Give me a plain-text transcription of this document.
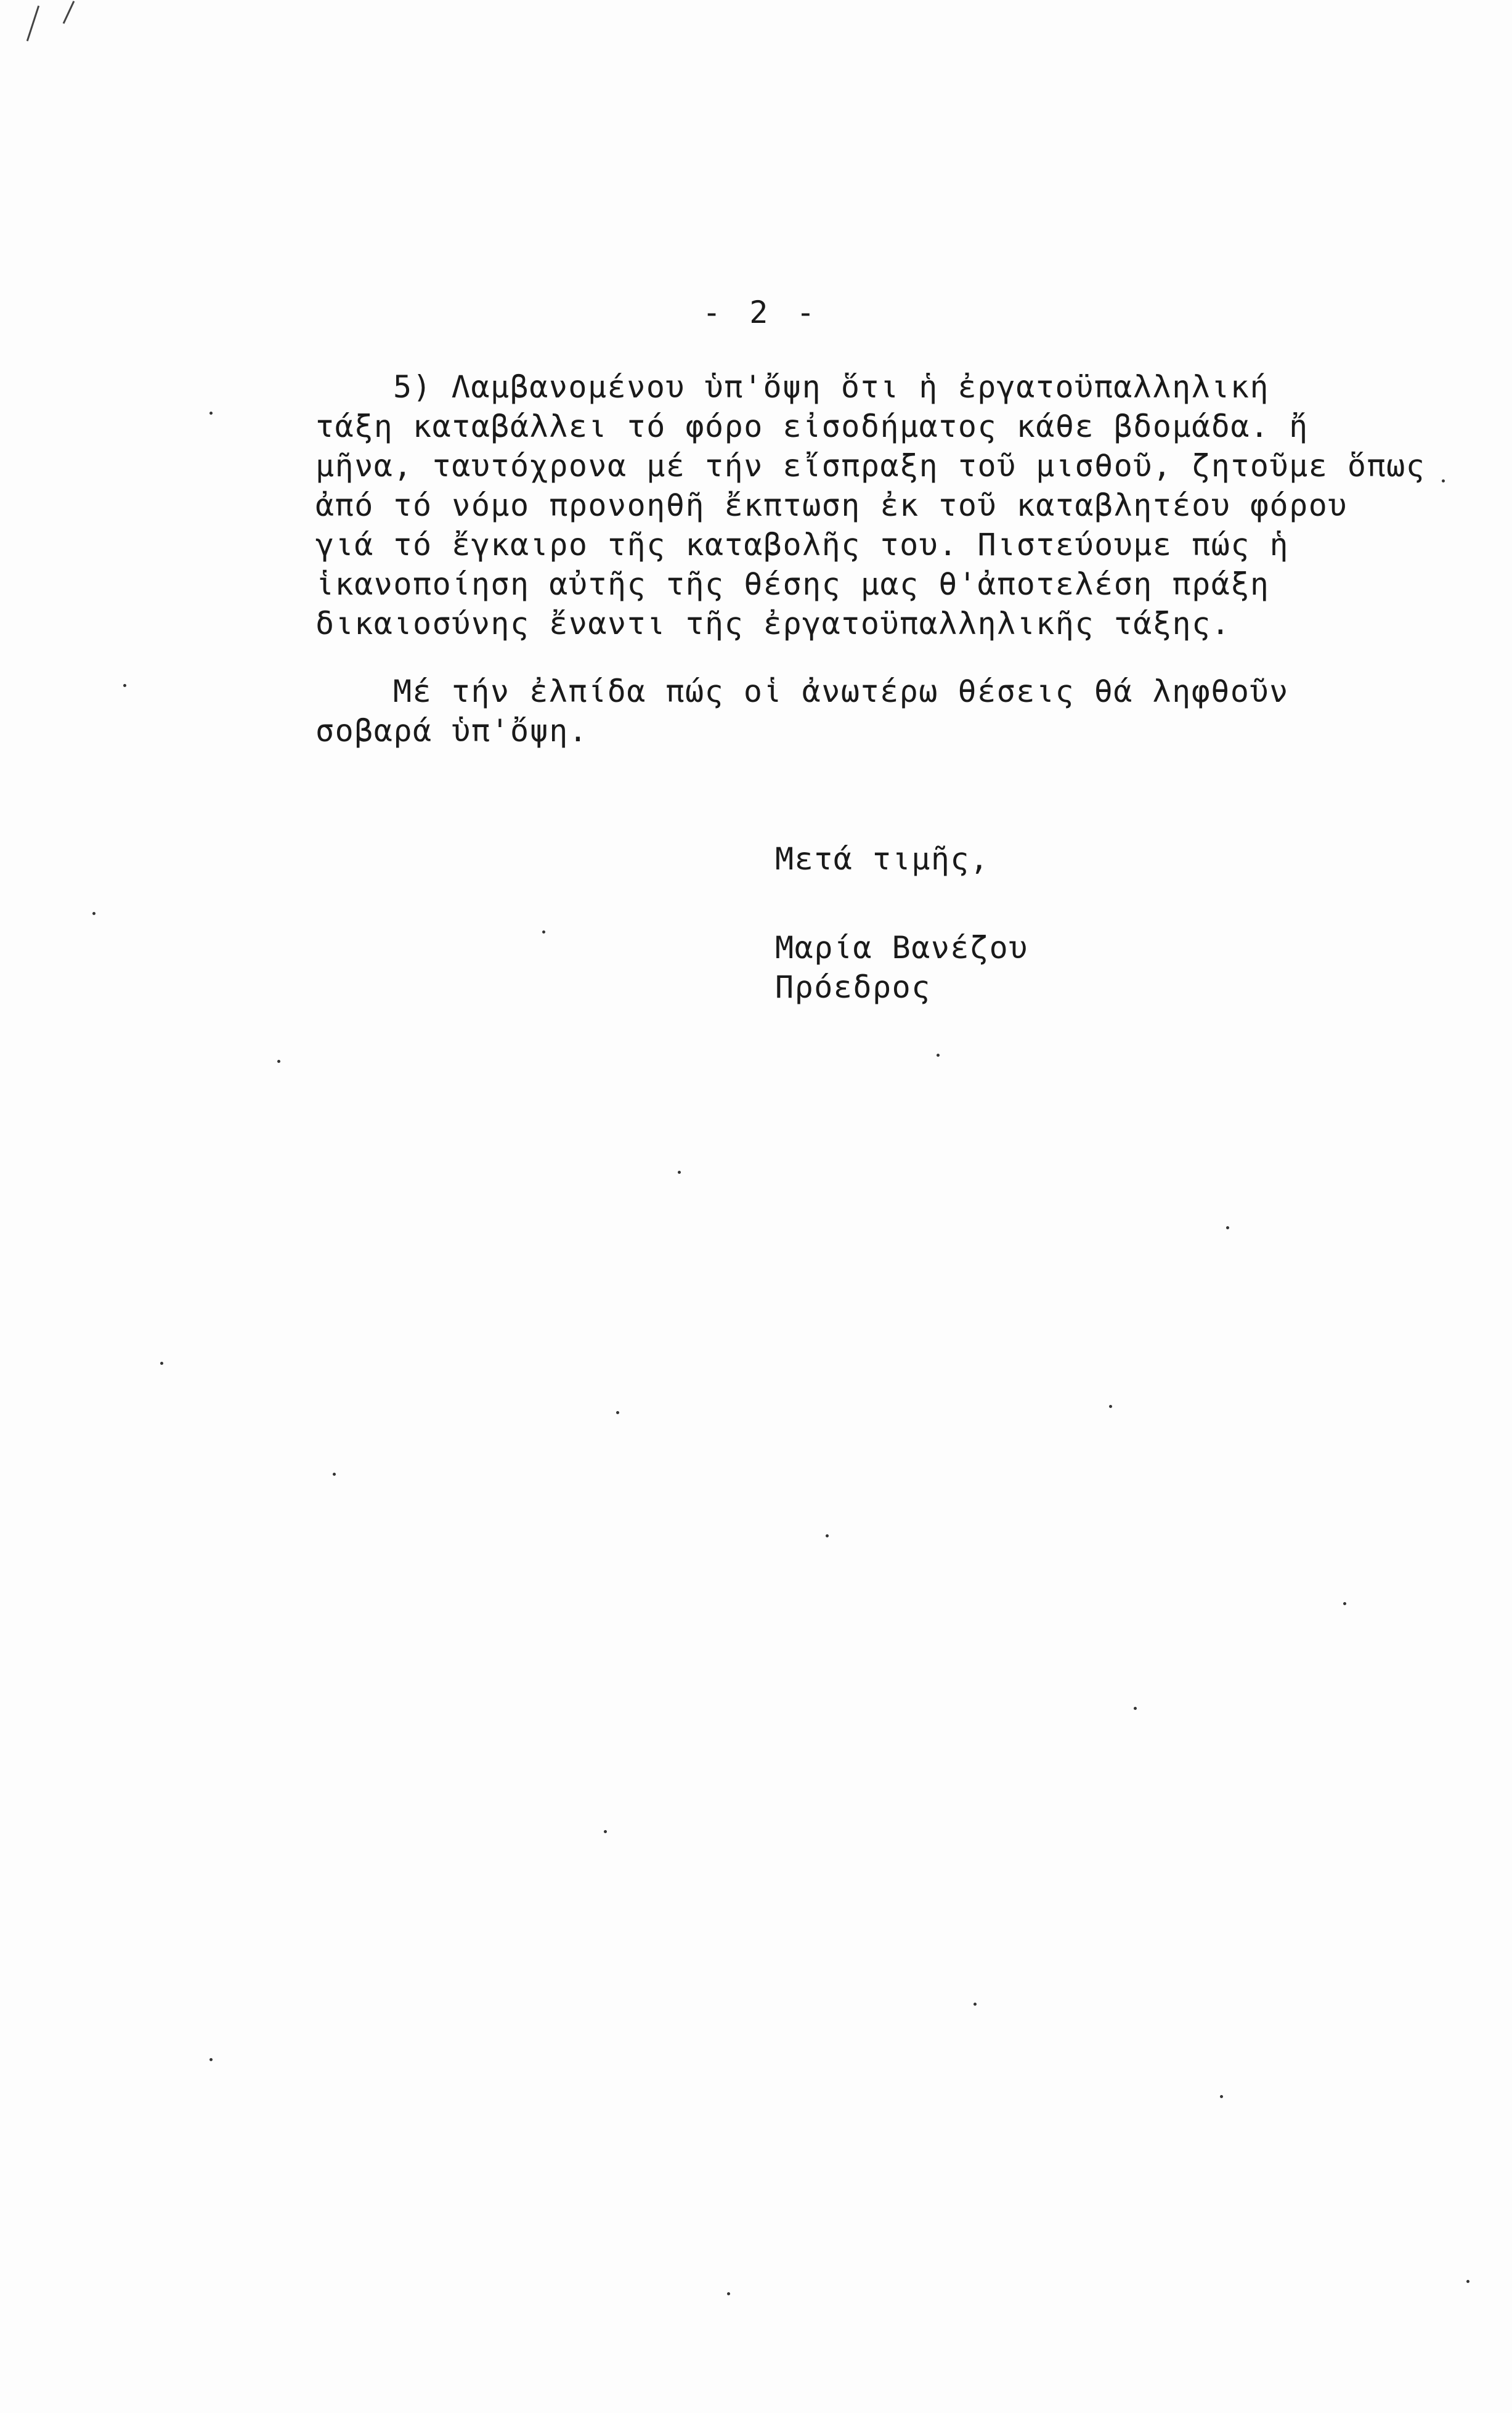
- 2 -
5) Λαμβανομένου ὑπ'ὄψη ὅτι ἡ ἐργατοϋπαλληλική
τάξη καταβάλλει τό φόρο εἰσοδήματος κάθε βδομάδα. ἤ
μῆνα, ταυτόχρονα μέ τήν εἴσπραξη τοῦ μισθοῦ, ζητοῦμε ὅπως
ἀπό τό νόμο προνοηθῆ ἔκπτωση ἐκ τοῦ καταβλητέου φόρου
γιά τό ἔγκαιρο τῆς καταβολῆς του. Πιστεύουμε πώς ἡ
ἱκανοποίηση αὐτῆς τῆς θέσης μας θ'ἀποτελέση πράξη
δικαιοσύνης ἔναντι τῆς ἐργατοϋπαλληλικῆς τάξης.
Μέ τήν ἐλπίδα πώς οἱ ἀνωτέρω θέσεις θά ληφθοῦν
σοβαρά ὑπ'ὄψη.
Μετά τιμῆς,
Μαρία Βανέζου
Πρόεδρος
